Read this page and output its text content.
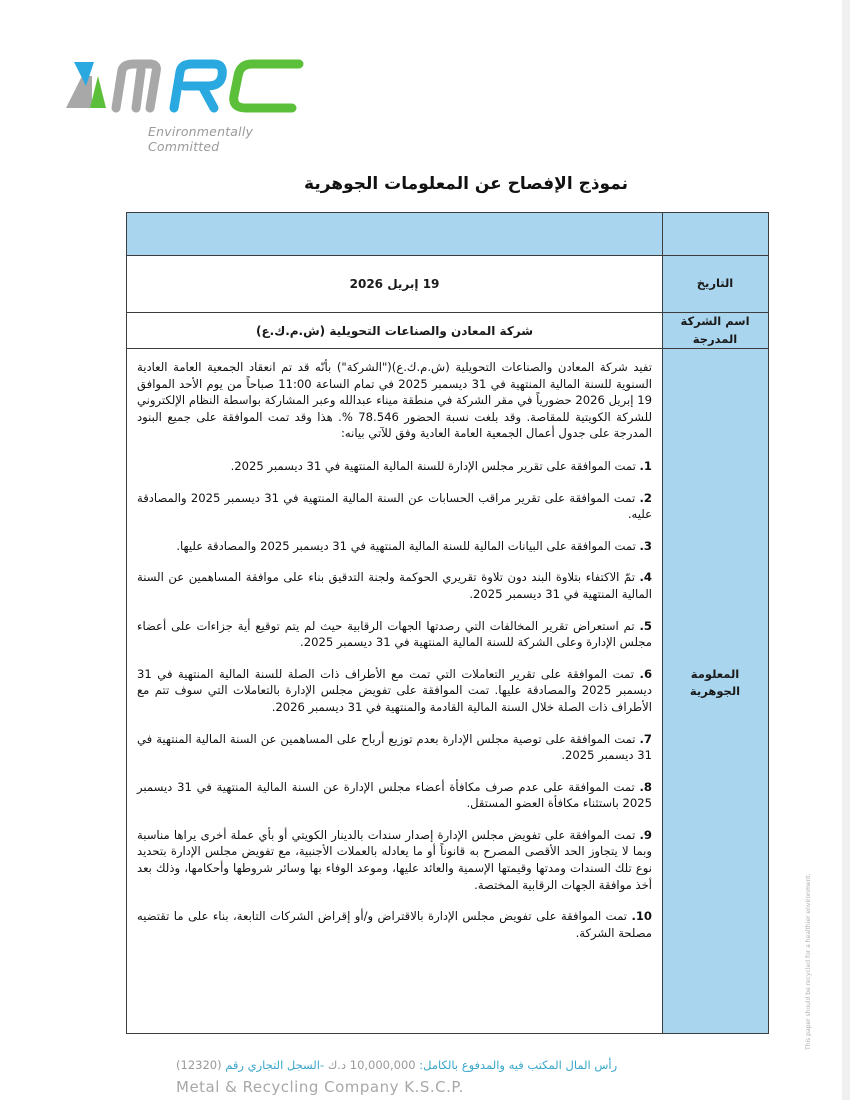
Environmentally Committed
نموذج الإفصاح عن المعلومات الجوهرية
التاريخ
19 إبريل 2026
اسم الشركة المدرجة
شركة المعادن والصناعات التحويلية (ش.م.ك.ع)
المعلومة الجوهرية

تفيد شركة المعادن والصناعات التحويلية (ش.م.ك.ع)("الشركة") بأنّه قد تم انعقاد الجمعية العامة العادية السنوية للسنة المالية المنتهية في 31 ديسمبر 2025 في تمام الساعة 11:00 صباحاً من يوم الأحد الموافق 19 إبريل 2026 حضورياً في مقر الشركة في منطقة ميناء عبدالله وعبر المشاركة بواسطة النظام الإلكتروني للشركة الكويتية للمقاصة. وقد بلغت نسبة الحضور 78.546 %. هذا وقد تمت الموافقة على جميع البنود المدرجة على جدول أعمال الجمعية العامة العادية وفق للآتي بيانه:

1. تمت الموافقة على تقرير مجلس الإدارة للسنة المالية المنتهية في 31 ديسمبر 2025.

2. تمت الموافقة على تقرير مراقب الحسابات عن السنة المالية المنتهية في 31 ديسمبر 2025 والمصادقة عليه.

3. تمت الموافقة على البيانات المالية للسنة المالية المنتهية في 31 ديسمبر 2025 والمصادقة عليها.

4. تمّ الاكتفاء بتلاوة البند دون تلاوة تقريري الحوكمة ولجنة التدقيق بناء على موافقة المساهمين عن السنة المالية المنتهية في 31 ديسمبر 2025.

5. تم استعراض تقرير المخالفات التي رصدتها الجهات الرقابية حيث لم يتم توقيع أية جزاءات على أعضاء مجلس الإدارة وعلى الشركة للسنة المالية المنتهية في 31 ديسمبر 2025.

6. تمت الموافقة على تقرير التعاملات التي تمت مع الأطراف ذات الصلة للسنة المالية المنتهية في 31 ديسمبر 2025 والمصادقة عليها. تمت الموافقة على تفويض مجلس الإدارة بالتعاملات التي سوف تتم مع الأطراف ذات الصلة خلال السنة المالية القادمة والمنتهية في 31 ديسمبر 2026.

7. تمت الموافقة على توصية مجلس الإدارة بعدم توزيع أرباح على المساهمين عن السنة المالية المنتهية في 31 ديسمبر 2025.

8. تمت الموافقة على عدم صرف مكافأة أعضاء مجلس الإدارة عن السنة المالية المنتهية في 31 ديسمبر 2025 باستثناء مكافأة العضو المستقل.

9. تمت الموافقة على تفويض مجلس الإدارة إصدار سندات بالدينار الكويتي أو بأي عملة أخرى يراها مناسبة وبما لا يتجاوز الحد الأقصى المصرح به قانوناً أو ما يعادله بالعملات الأجنبية، مع تفويض مجلس الإدارة بتحديد نوع تلك السندات ومدتها وقيمتها الإسمية والعائد عليها، وموعد الوفاء بها وسائر شروطها وأحكامها، وذلك بعد أخذ موافقة الجهات الرقابية المختصة.

10. تمت الموافقة على تفويض مجلس الإدارة بالاقتراض و/أو إقراض الشركات التابعة، بناء على ما تقتضيه مصلحة الشركة.

رأس المال المكتب فيه والمدفوع بالكامل: 10,000,000 د.ك -السجل التجاري رقم (12320)
Metal & Recycling Company K.S.C.P.
This paper should be recycled for a healthier environment.
